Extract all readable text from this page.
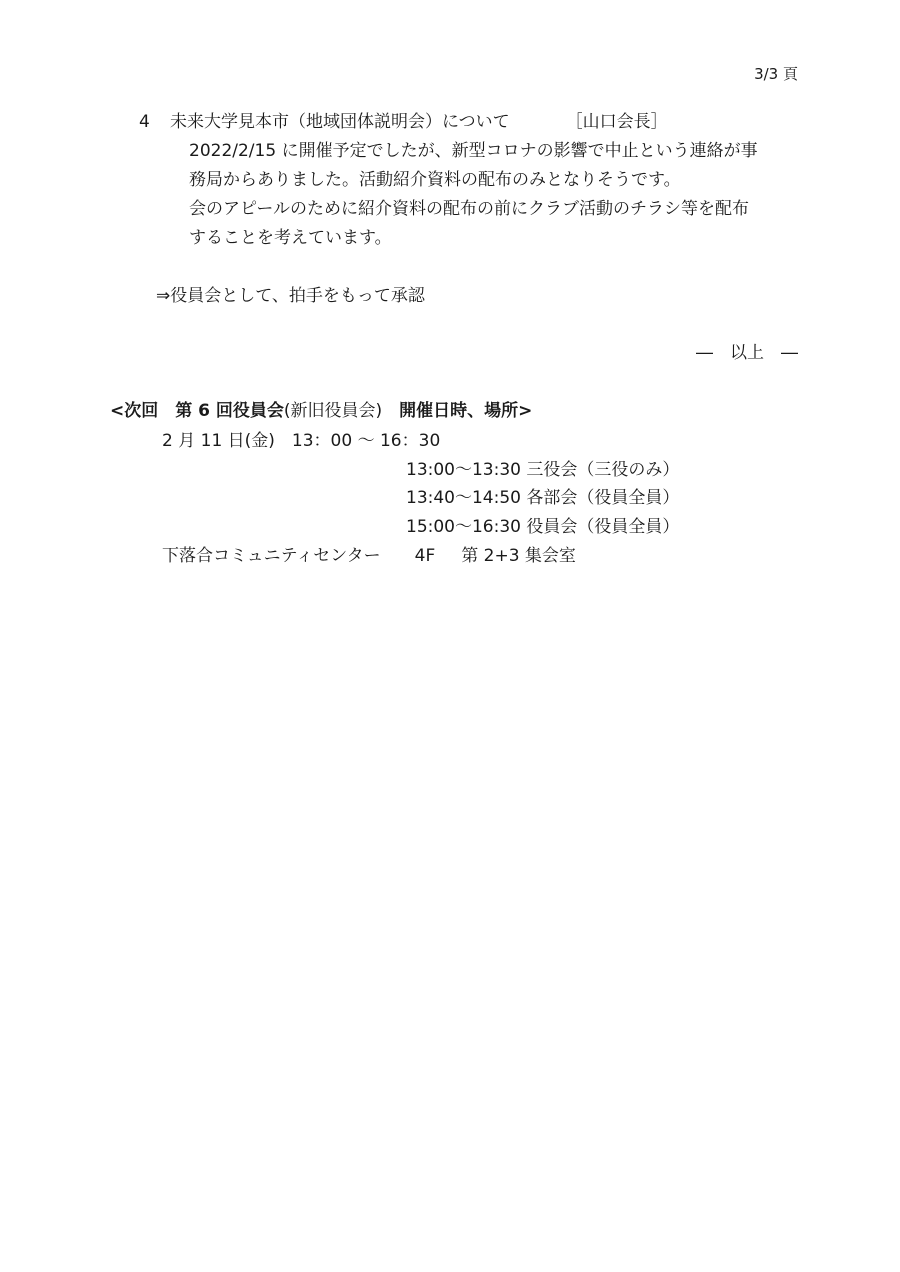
3/3 頁
4 未来大学見本市（地域団体説明会）について	［山口会長］
2022/2/15 に開催予定でしたが、新型コロナの影響で中止という連絡が事
務局からありました。活動紹介資料の配布のみとなりそうです。
会のアピールのために紹介資料の配布の前にクラブ活動のチラシ等を配布
することを考えています。
⇒役員会として、拍手をもって承認
―　以上　―
<次回　第 6 回役員会(新旧役員会)　開催日時、場所>
2 月 11 日(金)　13：00 ～ 16：30
13:00～13:30 三役会（三役のみ）
13:40～14:50 各部会（役員全員）
15:00～16:30 役員会（役員全員）
下落合コミュニティセンター 4F 第 2+3 集会室
